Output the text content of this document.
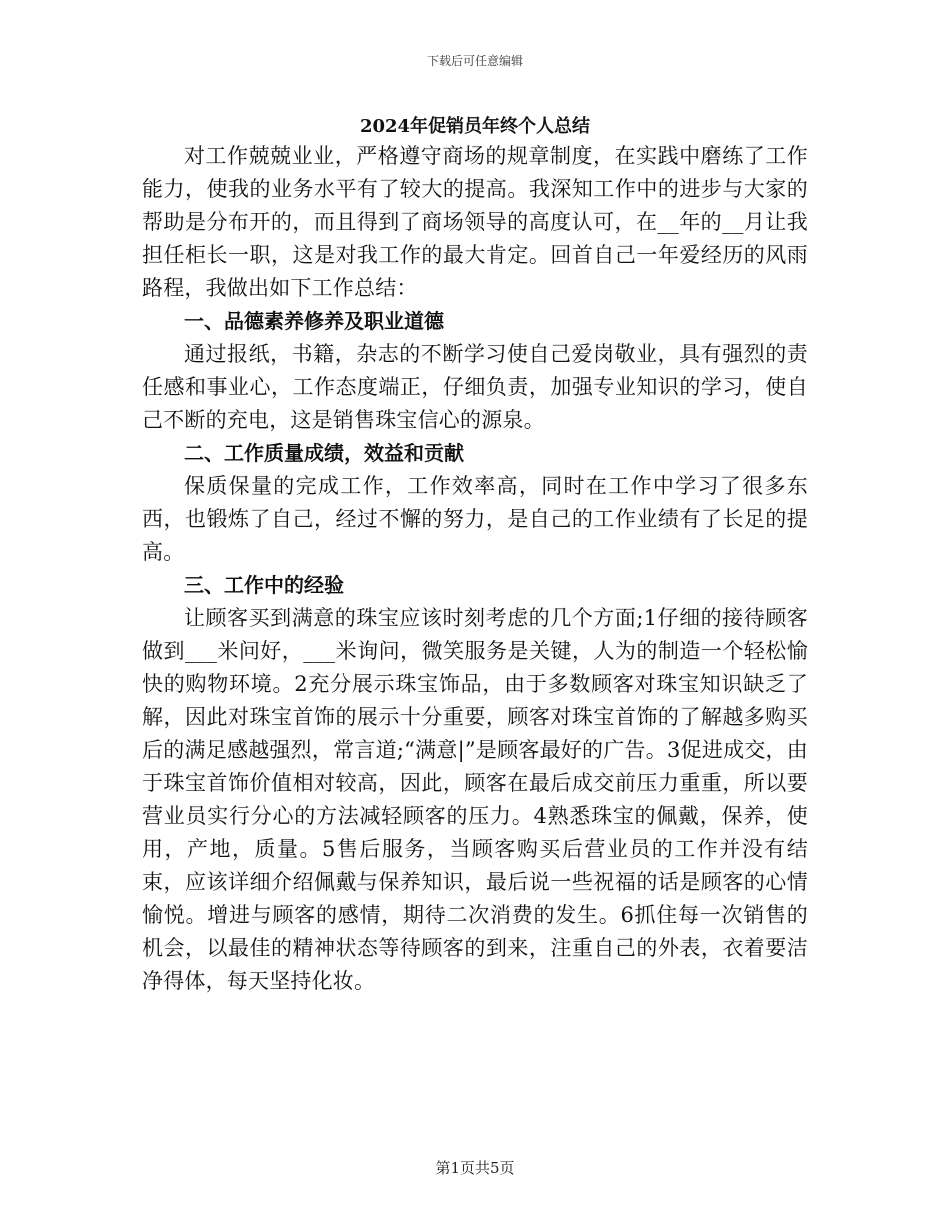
下载后可任意编辑
2024年促销员年终个人总结

对工作兢兢业业，严格遵守商场的规章制度，在实践中磨练了工作能力，使我的业务水平有了较大的提高。我深知工作中的进步与大家的帮助是分布开的，而且得到了商场领导的高度认可，在__年的__月让我担任柜长一职，这是对我工作的最大肯定。回首自己一年爱经历的风雨路程，我做出如下工作总结：

一、品德素养修养及职业道德

通过报纸，书籍，杂志的不断学习使自己爱岗敬业，具有强烈的责任感和事业心，工作态度端正，仔细负责，加强专业知识的学习，使自己不断的充电，这是销售珠宝信心的源泉。

二、工作质量成绩，效益和贡献

保质保量的完成工作，工作效率高，同时在工作中学习了很多东西，也锻炼了自己，经过不懈的努力，是自己的工作业绩有了长足的提高。

三、工作中的经验

让顾客买到满意的珠宝应该时刻考虑的几个方面;1仔细的接待顾客做到___米问好，___米询问，微笑服务是关键，人为的制造一个轻松愉快的购物环境。2充分展示珠宝饰品，由于多数顾客对珠宝知识缺乏了解，因此对珠宝首饰的展示十分重要，顾客对珠宝首饰的了解越多购买后的满足感越强烈，常言道;“满意|”是顾客最好的广告。3促进成交，由于珠宝首饰价值相对较高，因此，顾客在最后成交前压力重重，所以要营业员实行分心的方法减轻顾客的压力。4熟悉珠宝的佩戴，保养，使用，产地，质量。5售后服务，当顾客购买后营业员的工作并没有结束，应该详细介绍佩戴与保养知识，最后说一些祝福的话是顾客的心情愉悦。增进与顾客的感情，期待二次消费的发生。6抓住每一次销售的机会，以最佳的精神状态等待顾客的到来，注重自己的外表，衣着要洁净得体，每天坚持化妆。

第1页共5页
